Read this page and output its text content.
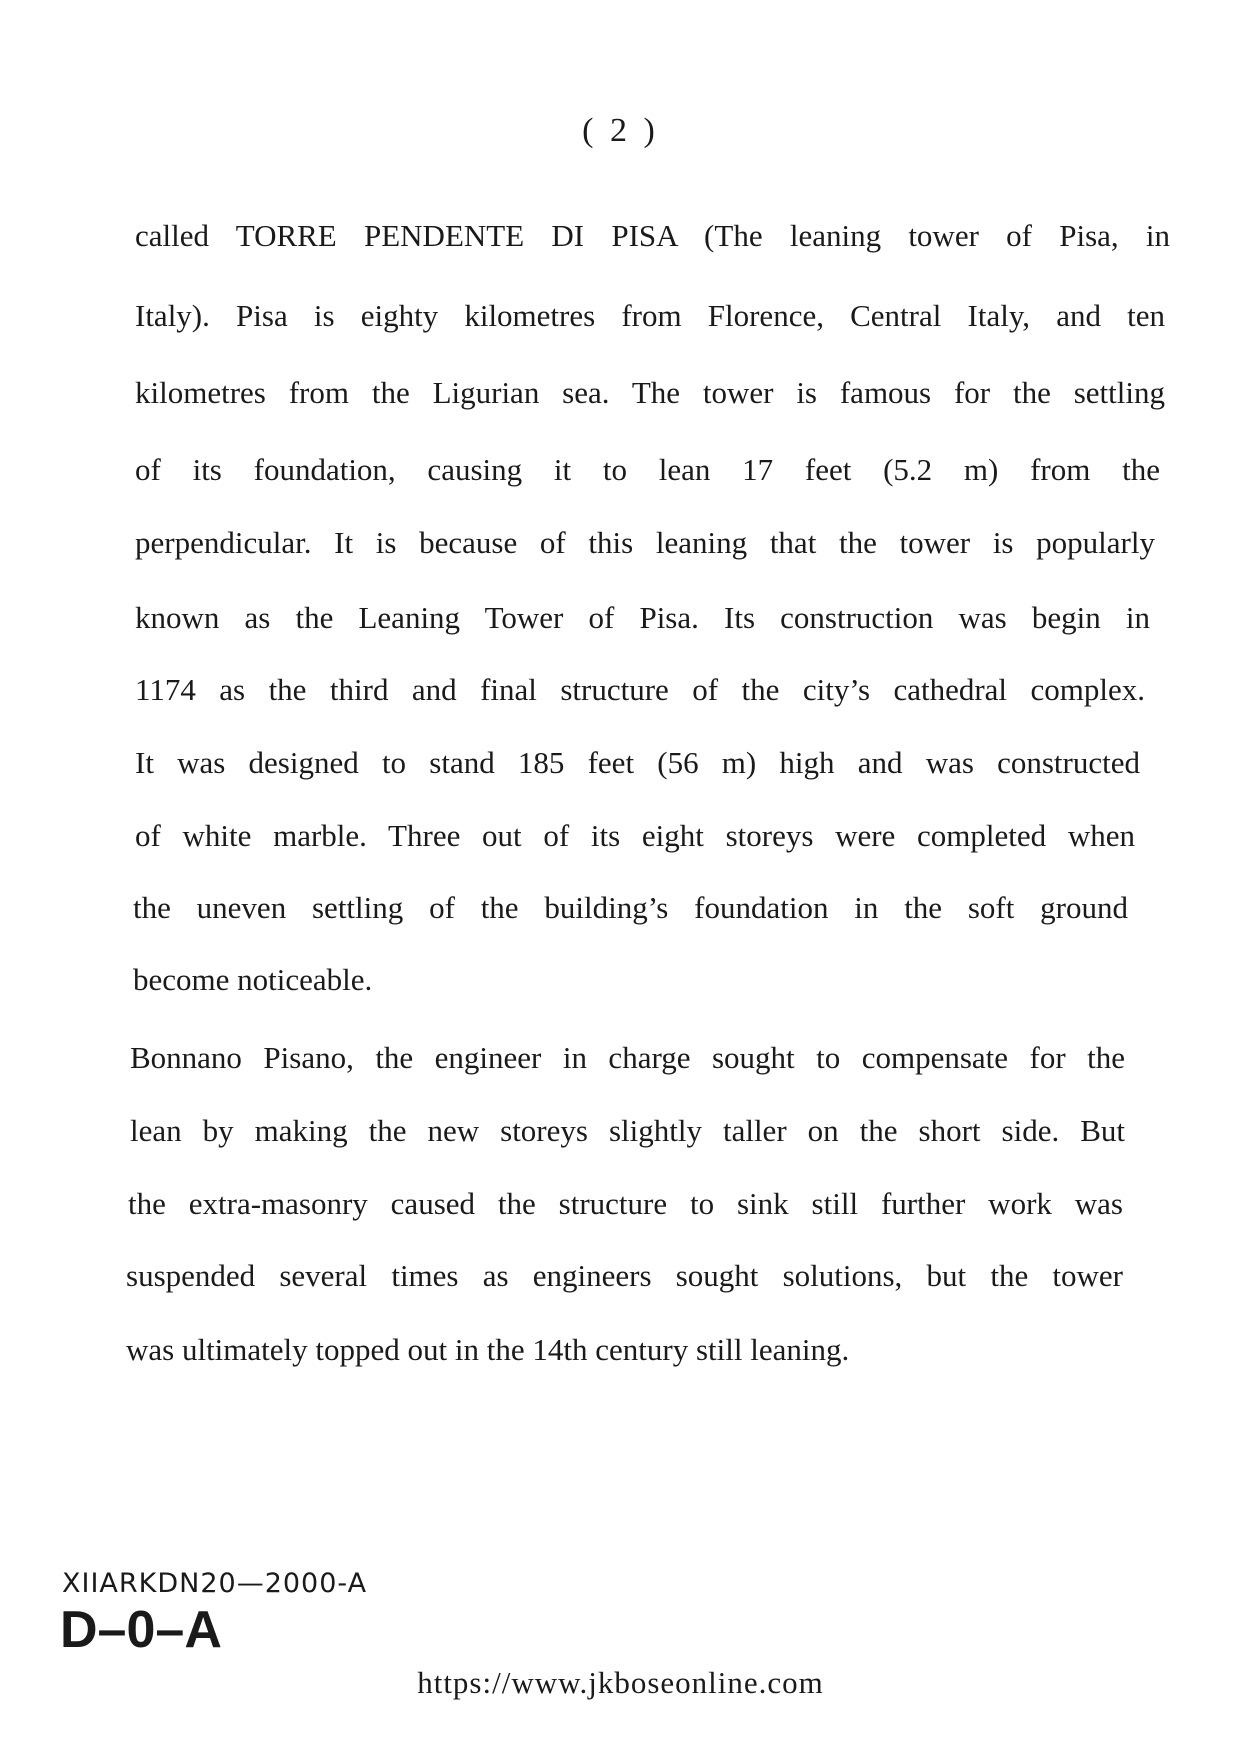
( 2 )
called TORRE PENDENTE DI PISA (The leaning tower of Pisa, in
Italy). Pisa is eighty kilometres from Florence, Central Italy, and ten
kilometres from the Ligurian sea. The tower is famous for the settling
of its foundation, causing it to lean 17 feet (5.2 m) from the
perpendicular. It is because of this leaning that the tower is popularly
known as the Leaning Tower of Pisa. Its construction was begin in
1174 as the third and final structure of the city’s cathedral complex.
It was designed to stand 185 feet (56 m) high and was constructed
of white marble. Three out of its eight storeys were completed when
the uneven settling of the building’s foundation in the soft ground
become noticeable.
Bonnano Pisano, the engineer in charge sought to compensate for the
lean by making the new storeys slightly taller on the short side. But
the extra-masonry caused the structure to sink still further work was
suspended several times as engineers sought solutions, but the tower
was ultimately topped out in the 14th century still leaning.
XIIARKDN20—2000-A
D–0–A
https://www.jkboseonline.com
